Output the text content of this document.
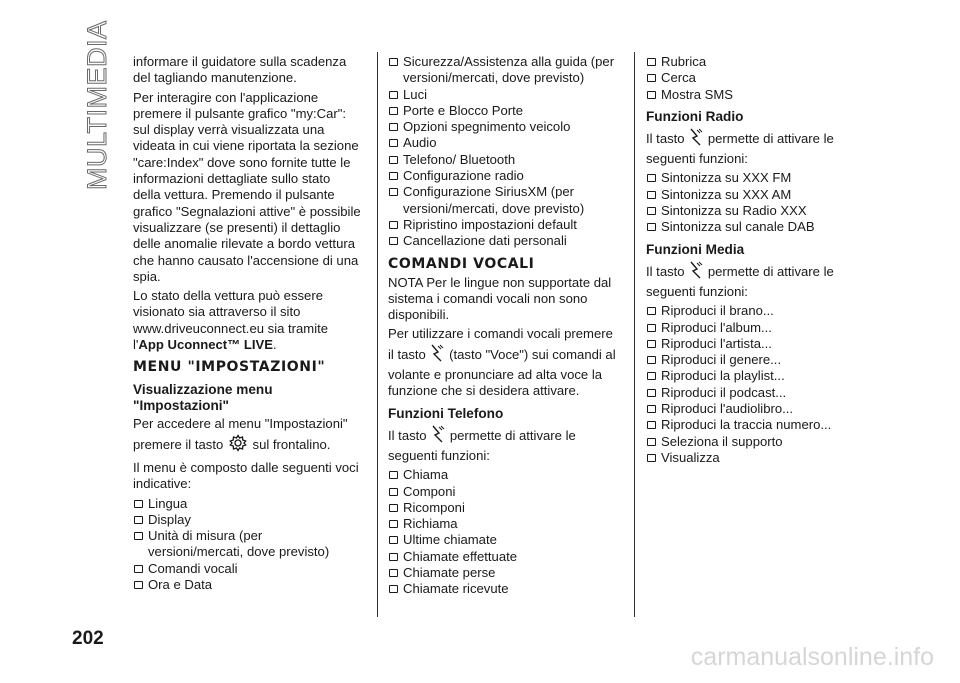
MULTIMEDIA informare il guidatore sulla scadenza del tagliando manutenzione.

Per interagire con l'applicazione premere il pulsante grafico "my:Car": sul display verrà visualizzata una videata in cui viene riportata la sezione "care:Index" dove sono fornite tutte le informazioni dettagliate sullo stato della vettura. Premendo il pulsante grafico "Segnalazioni attive" è possibile visualizzare (se presenti) il dettaglio delle anomalie rilevate a bordo vettura che hanno causato l'accensione di una spia.

Lo stato della vettura può essere visionato sia attraverso il sito www.driveuconnect.eu sia tramite l'App Uconnect™ LIVE.

MENU "IMPOSTAZIONI"
Visualizzazione menu "Impostazioni"

Per accedere al menu "Impostazioni" premere il tasto sul frontalino.

Il menu è composto dalle seguenti voci indicative:

Lingua
Display
Unità di misura (per versioni/mercati, dove previsto)
Comandi vocali
Ora e Data
Sicurezza/Assistenza alla guida (per versioni/mercati, dove previsto)
Luci
Porte e Blocco Porte
Opzioni spegnimento veicolo
Audio
Telefono/ Bluetooth
Configurazione radio
Configurazione SiriusXM (per versioni/mercati, dove previsto)
Ripristino impostazioni default
Cancellazione dati personali
COMANDI VOCALI

NOTA Per le lingue non supportate dal sistema i comandi vocali non sono disponibili.

Per utilizzare i comandi vocali premere il tasto (tasto "Voce") sui comandi al volante e pronunciare ad alta voce la funzione che si desidera attivare.

Funzioni Telefono

Il tasto permette di attivare le seguenti funzioni:

Chiama
Componi
Ricomponi
Richiama
Ultime chiamate
Chiamate effettuate
Chiamate perse
Chiamate ricevute
Rubrica
Cerca
Mostra SMS
Funzioni Radio

Il tasto permette di attivare le seguenti funzioni:

Sintonizza su XXX FM
Sintonizza su XXX AM
Sintonizza su Radio XXX
Sintonizza sul canale DAB
Funzioni Media

Il tasto permette di attivare le seguenti funzioni:

Riproduci il brano...
Riproduci l'album...
Riproduci l'artista...
Riproduci il genere...
Riproduci la playlist...
Riproduci il podcast...
Riproduci l'audiolibro...
Riproduci la traccia numero...
Seleziona il supporto
Visualizza
202
carmanualsonline.info
